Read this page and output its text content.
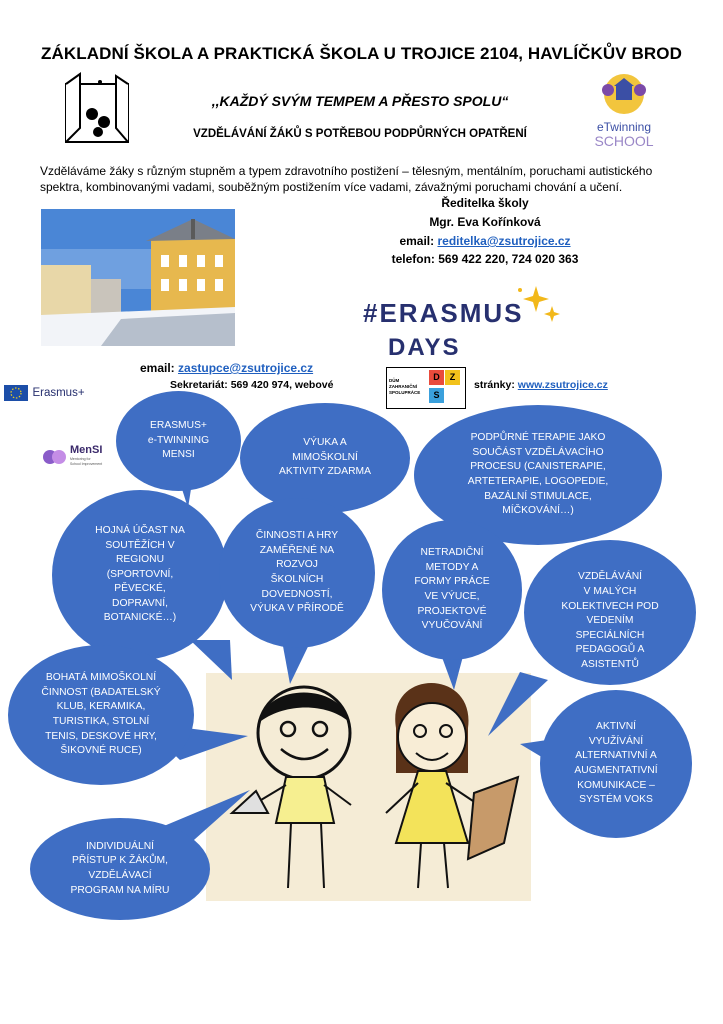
ZÁKLADNÍ ŠKOLA A PRAKTICKÁ ŠKOLA U TROJICE 2104, HAVLÍČKŮV BROD
,,KAŽDÝ SVÝM TEMPEM A PŘESTO SPOLU“
VZDĚLÁVÁNÍ ŽÁKŮ S POTŘEBOU PODPŮRNÝCH OPATŘENÍ	eTwinning
SCHOOL
Vzděláváme žáky s různým stupněm a typem zdravotního postižení – tělesným, mentálním, poruchami autistického spektra, kombinovanými vadami, souběžným postižením více vadami, závažnými poruchami chování a učení.
Ředitelka školy
Mgr. Eva Kořínková
email: reditelka@zsutrojice.cz
telefon: 569 422 220, 724 020 363
#ERASMUS
DAYS
email: zastupce@zsutrojice.cz
Sekretariát: 569 420 974, webové	DŮM
ZAHRANIČNÍ
SPOLUPRÁCE
D	Z
S
stránky: www.zsutrojice.cz
Erasmus+
MenSI
Mentoring for
School Improvement
ERASMUS+
e-TWINNING
MENSI
VÝUKA A
MIMOŠKOLNÍ
AKTIVITY ZDARMA
PODPŮRNÉ TERAPIE JAKO
SOUČÁST VZDĚLÁVACÍHO
PROCESU (CANISTERAPIE,
ARTETERAPIE, LOGOPEDIE,
BAZÁLNÍ STIMULACE,
MÍČKOVÁNÍ…)
HOJNÁ ÚČAST NA
SOUTĚŽÍCH V
REGIONU
(SPORTOVNÍ,
PĚVECKÉ,
DOPRAVNÍ,
BOTANICKÉ…)
ČINNOSTI A HRY
ZAMĚŘENÉ NA
ROZVOJ
ŠKOLNÍCH
DOVEDNOSTÍ,
VÝUKA V PŘÍRODĚ
NETRADIČNÍ
METODY A
FORMY PRÁCE
VE VÝUCE,
PROJEKTOVÉ
VYUČOVÁNÍ
VZDĚLÁVÁNÍ
V MALÝCH
KOLEKTIVECH POD
VEDENÍM
SPECIÁLNÍCH
PEDAGOGŮ A
ASISTENTŮ
BOHATÁ MIMOŠKOLNÍ
ČINNOST (BADATELSKÝ
KLUB, KERAMIKA,
TURISTIKA, STOLNÍ
TENIS, DESKOVÉ HRY,
ŠIKOVNÉ RUCE)
AKTIVNÍ
VYUŽÍVÁNÍ
ALTERNATIVNÍ A
AUGMENTATIVNÍ
KOMUNIKACE –
SYSTÉM VOKS
INDIVIDUÁLNÍ
PŘÍSTUP K ŽÁKŮM,
VZDĚLÁVACÍ
PROGRAM NA MÍRU
